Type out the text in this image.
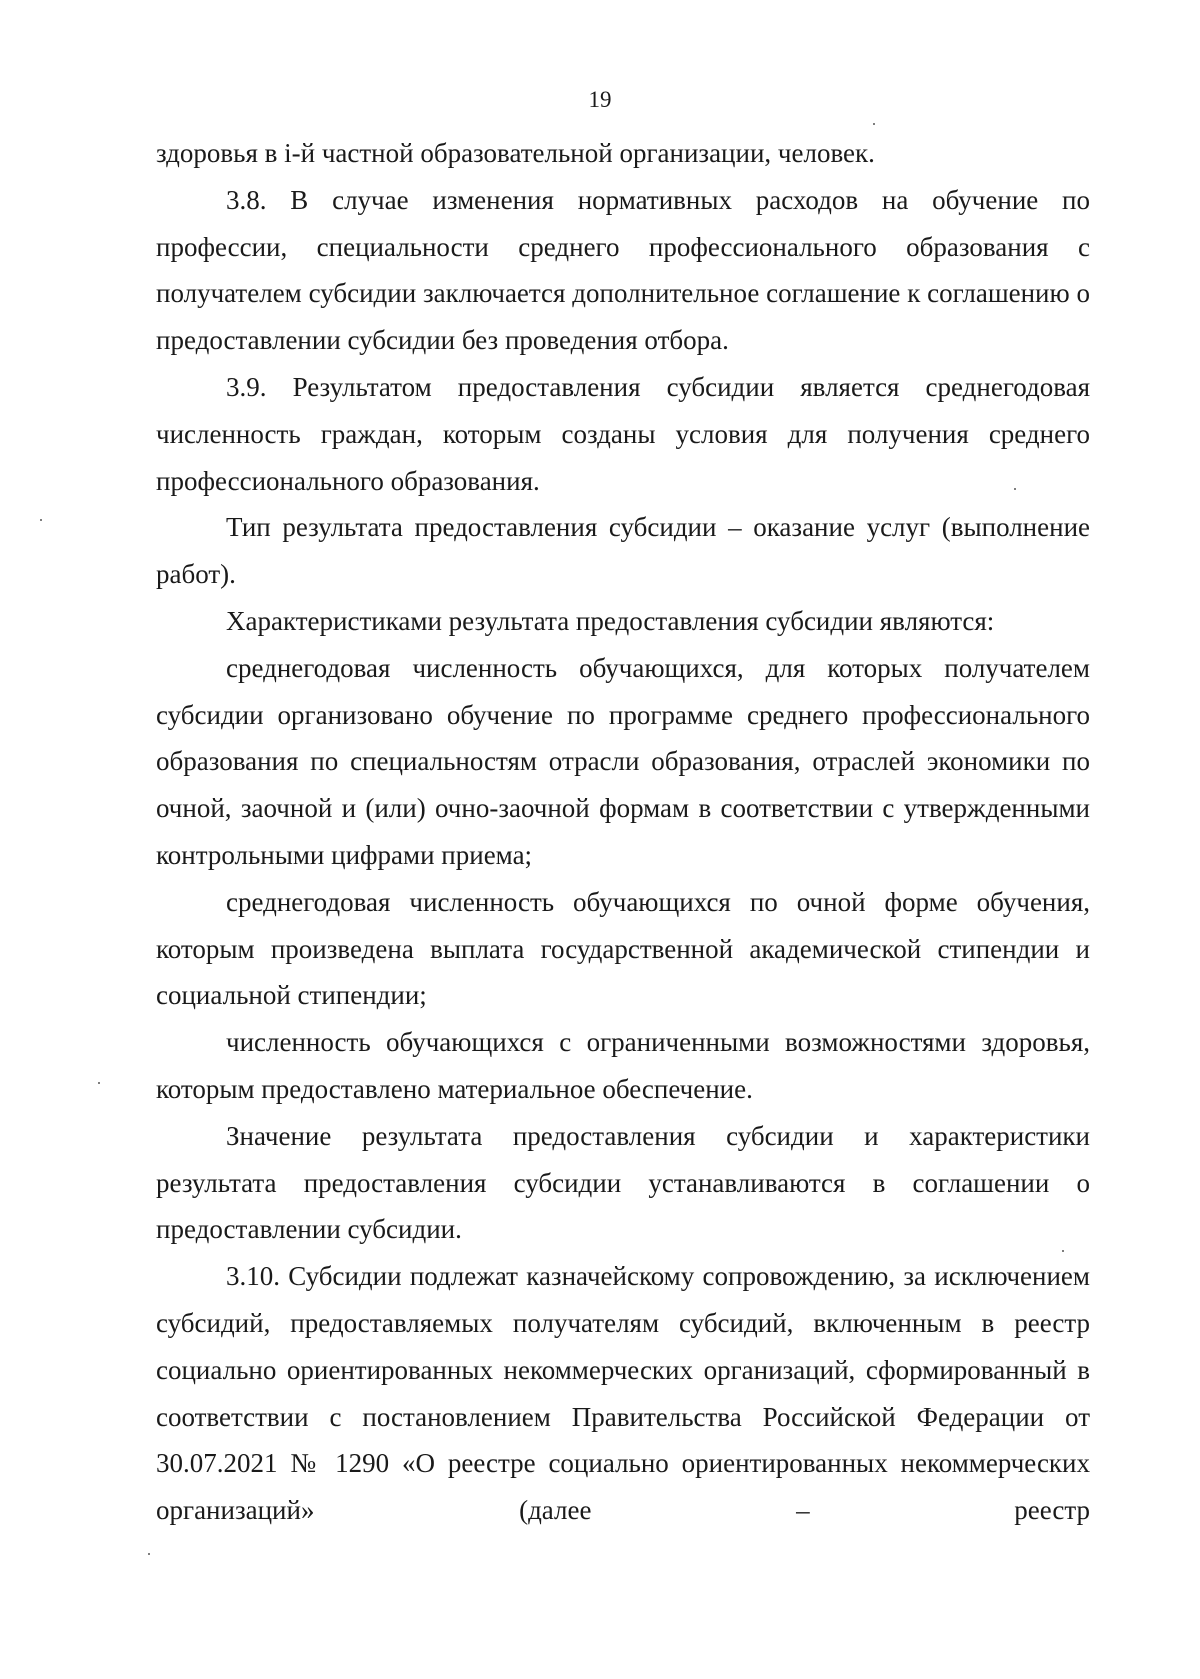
19

здоровья в i-й частной образовательной организации, человек.

3.8. В случае изменения нормативных расходов на обучение по профессии, специальности среднего профессионального образования с получателем субсидии заключается дополнительное соглашение к соглашению о предоставлении субсидии без проведения отбора.

3.9. Результатом предоставления субсидии является среднегодовая численность граждан, которым созданы условия для получения среднего профессионального образования.

Тип результата предоставления субсидии – оказание услуг (выполнение работ).

Характеристиками результата предоставления субсидии являются:

среднегодовая численность обучающихся, для которых получателем субсидии организовано обучение по программе среднего профессионального образования по специальностям отрасли образования, отраслей экономики по очной, заочной и (или) очно-заочной формам в соответствии с утвержденными контрольными цифрами приема;

среднегодовая численность обучающихся по очной форме обучения, которым произведена выплата государственной академической стипендии и социальной стипендии;

численность обучающихся с ограниченными возможностями здоровья, которым предоставлено материальное обеспечение.

Значение результата предоставления субсидии и характеристики результата предоставления субсидии устанавливаются в соглашении о предоставлении субсидии.

3.10. Субсидии подлежат казначейскому сопровождению, за исключением субсидий, предоставляемых получателям субсидий, включенным в реестр социально ориентированных некоммерческих организаций, сформированный в соответствии с постановлением Правительства Российской Федерации от 30.07.2021 № 1290 «О реестре социально ориентированных некоммерческих организаций» (далее – реестр
